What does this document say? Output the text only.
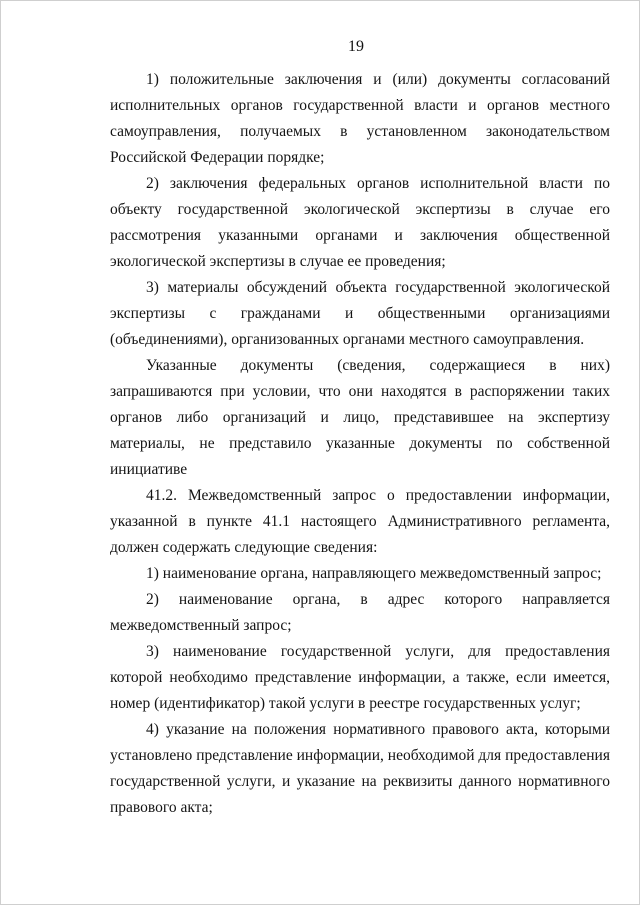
19

1) положительные заключения и (или) документы согласований исполнительных органов государственной власти и органов местного самоуправления, получаемых в установленном законодательством Российской Федерации порядке;

2) заключения федеральных органов исполнительной власти по объекту государственной экологической экспертизы в случае его рассмотрения указанными органами и заключения общественной экологической экспертизы в случае ее проведения;

3) материалы обсуждений объекта государственной экологической экспертизы с гражданами и общественными организациями (объединениями), организованных органами местного самоуправления.

Указанные документы (сведения, содержащиеся в них) запрашиваются при условии, что они находятся в распоряжении таких органов либо организаций и лицо, представившее на экспертизу материалы, не представило указанные документы по собственной инициативе

41.2. Межведомственный запрос о предоставлении информации, указанной в пункте 41.1 настоящего Административного регламента, должен содержать следующие сведения:

1) наименование органа, направляющего межведомственный запрос;

2) наименование органа, в адрес которого направляется межведомственный запрос;

3) наименование государственной услуги, для предоставления которой необходимо представление информации, а также, если имеется, номер (идентификатор) такой услуги в реестре государственных услуг;

4) указание на положения нормативного правового акта, которыми установлено представление информации, необходимой для предоставления государственной услуги, и указание на реквизиты данного нормативного правового акта;
